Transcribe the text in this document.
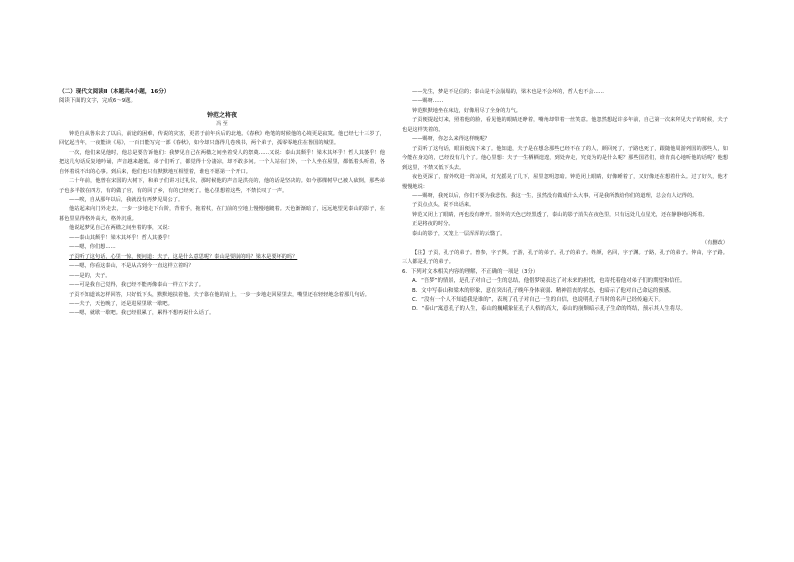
（二）现代文阅读Ⅱ（本题共4小题，16分）

阅读下面的文字，完成6～9题。

钟范之将夜

冯 至

钟范自从鲁东去了以后，前途的困难，传说的灾害，更甚于前年兵后的北地。《春秋》绝笔的时候他的心境更是寂寞。他已经七十三岁了，回忆起当年，一夜能读《易》，一百日能写完一部《春秋》，如今却只落得几卷残书，两个弟子，孤零零地住在鲁国的城里。

一次，他们来见他时，他总是要告诉他们：我梦见自己在两楹之间坐着受人的祭奠……又说：泰山其颓乎！梁木其坏乎！哲人其萎乎！他把这几句话反复地吟诵，声音越来越低。弟子们听了，都觉得十分凄凉，却不敢多问。一个人站在门外，一个人坐在屋里，都低着头听着，各自怀着说不出的心事。到后来，他们也只有默默地互相望着，谁也不愿第一个开口。

二十年前，他曾在宋国的大树下，和弟子们讲习过礼仪，那时候他的声音是洪亮的，他的话是坚决的。如今那棵树早已被人砍倒，那些弟子也多半散在四方，有的做了官，有的回了乡，有的已经死了。他心里想着这些，不禁长叹了一声。

——唉，自从那年以后，我就没有再梦见周公了。

他站起来向门外走去，一步一步地走下台阶，背着手，拖着杖，在门前的空地上慢慢地踱着。天色渐渐暗了，远远地望见泰山的影子，在暮色里显得格外高大，格外沉重。

他说起梦见自己在两楹之间坐着的事，又说：

——泰山其颓乎！梁木其坏乎！哲人其萎乎！

——嗯，你们想……

子贡听了这句话，心里一惊，便问道：夫子，这是什么意思呢？泰山是要崩的吗？梁木是要坏的吗？

——嗯，你看这泰山，不是从古到今一直这样立着吗？

——是的，夫子。

——可是我自己觉得，我已经不能再像泰山一样立下去了。

子贡不知道该怎样回答，只好低下头，默默地扶着他。夫子靠在他的肩上，一步一步地走回屋里去，嘴里还在轻轻地念着那几句话。

——夫子，天色晚了，还是进屋里歇一歇吧。

——嗯，就歇一歇吧。我已经很累了，累得不想再说什么话了。

——先生，梦是不足信的；泰山是不会崩塌的，梁木也是不会坏的，哲人也不会……

——赐呀……

钟范默默地坐在床边，好像用尽了全身的力气。

子贡便提起灯来，照着他的脸，看见他的眼睛还睁着，嘴角却带着一丝笑意。他忽然想起许多年前，自己第一次来拜见夫子的时候，夫子也是这样笑着的。

——赐呀，你怎么来得这样晚呢？

子贡听了这句话，眼泪便流下来了。他知道，夫子是在想念那些已经不在了的人，颜回死了，子路也死了，跟随他周游列国的那些人，如今能在身边的，已经没有几个了。他心里想：夫子一生栖栖遑遑，到处奔走，究竟为的是什么呢？那些国君们，谁肯真心地听他的话呢？他想到这里，不禁又低下头去。

夜色更深了，窗外吹进一阵凉风，灯光摇晃了几下，屋里忽明忽暗。钟范闭上眼睛，好像睡着了，又好像还在想着什么。过了好久，他才慢慢地说：

——赐呀，我死以后，你们不要为我悲伤。我这一生，虽然没有做成什么大事，可是我所教给你们的道理，总会有人记得的。

子贡点点头，说不出话来。

钟范又闭上了眼睛，再也没有睁开。窗外的天色已经黑透了，泰山的影子消失在夜色里，只有远处几点星光，还在静静地闪烁着。

正是将夜的时分。

泰山的影子，又笼上一层浑浑的云翳了。

（有删改）

【注】子贡，孔子的弟子。曾参，字子舆。子游，孔子的弟子。孔子的弟子。姓颜，名回，字子渊。子路，孔子的弟子。仲由，字子路。三人都是孔子的弟子。

6．下列对文本相关内容的理解，不正确的一项是（3分）

A．“吾梦”的情景，是孔子对自己一生的总结，他借梦境表达了对未来的担忧，也寄托着他对弟子们的期望和信任。

B．文中写泰山和梁木的形象，意在突出孔子晚年身体衰弱、精神沮丧的状态，也暗示了他对自己命运的预感。

C．“没有一个人不知道我是谁的”，表现了孔子对自己一生的自信，也说明孔子当时的名声已经传遍天下。

D．“泰山”寓意孔子的人生，泰山的巍峨象征孔子人格的高大，泰山的崩颓暗示孔子生命的终结，预示其人生将尽。
